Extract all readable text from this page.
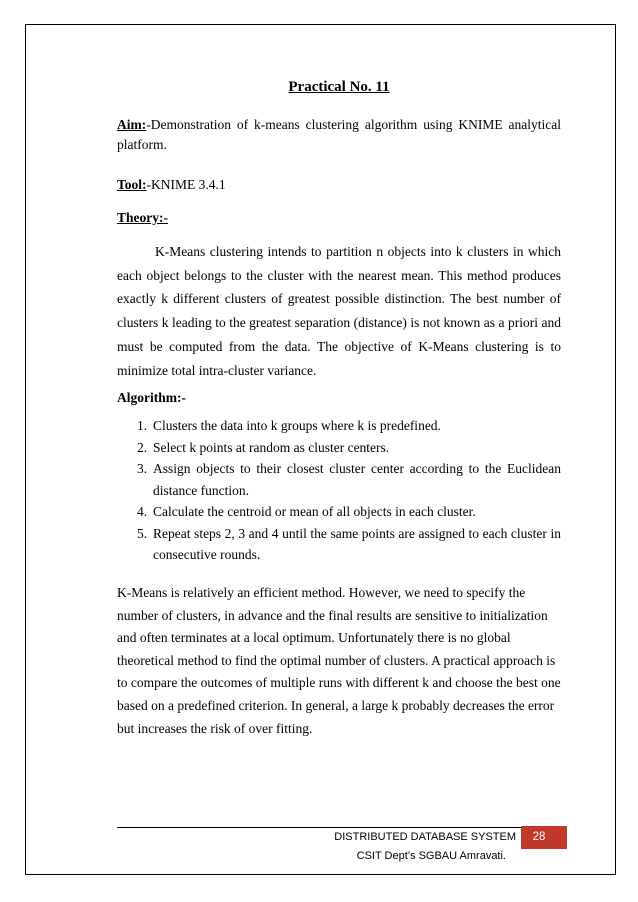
Practical No. 11

Aim:-Demonstration of k-means clustering algorithm using KNIME analytical platform.

Tool:-KNIME 3.4.1

Theory:-

K-Means clustering intends to partition n objects into k clusters in which each object belongs to the cluster with the nearest mean. This method produces exactly k different clusters of greatest possible distinction. The best number of clusters k leading to the greatest separation (distance) is not known as a priori and must be computed from the data. The objective of K-Means clustering is to minimize total intra-cluster variance.

Algorithm:-

1. Clusters the data into k groups where k is predefined.
2. Select k points at random as cluster centers.
3. Assign objects to their closest cluster center according to the Euclidean distance function.
4. Calculate the centroid or mean of all objects in each cluster.
5. Repeat steps 2, 3 and 4 until the same points are assigned to each cluster in consecutive rounds.

K-Means is relatively an efficient method. However, we need to specify the number of clusters, in advance and the final results are sensitive to initialization and often terminates at a local optimum. Unfortunately there is no global theoretical method to find the optimal number of clusters. A practical approach is to compare the outcomes of multiple runs with different k and choose the best one based on a predefined criterion. In general, a large k probably decreases the error but increases the risk of over fitting.

DISTRIBUTED DATABASE SYSTEM	28
CSIT Dept’s SGBAU Amravati.
